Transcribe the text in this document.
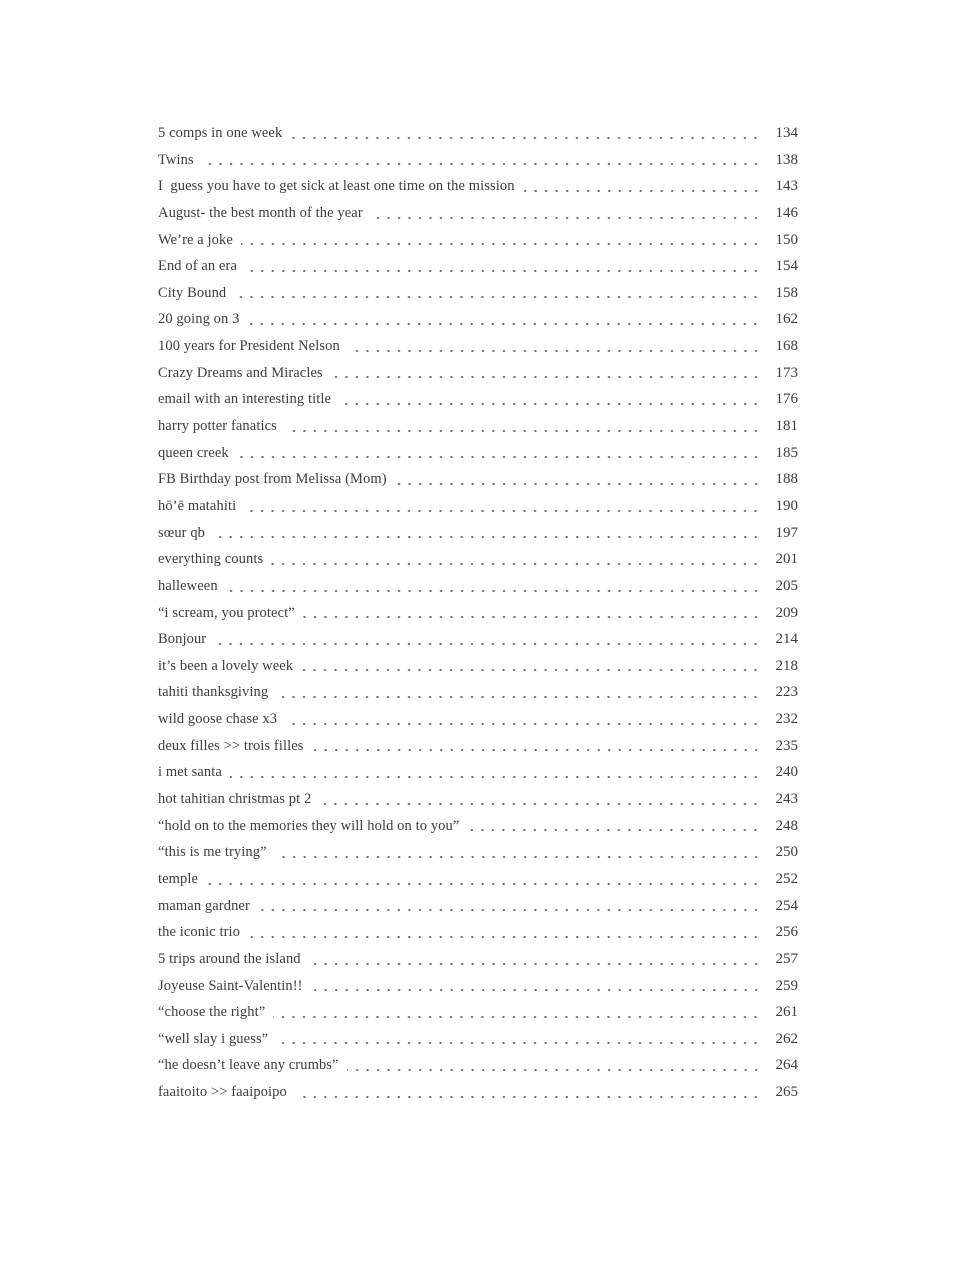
5 comps in one week	134
Twins	138
I  guess you have to get sick at least one time on the mission	143
August- the best month of the year	146
We’re a joke	150
End of an era	154
City Bound	158
20 going on 3	162
100 years for President Nelson	168
Crazy Dreams and Miracles	173
email with an interesting title	176
harry potter fanatics	181
queen creek	185
FB Birthday post from Melissa (Mom)	188
hō’ē matahiti	190
sœur qb	197
everything counts	201
halleween	205
“i scream, you protect”	209
Bonjour	214
it’s been a lovely week	218
tahiti thanksgiving	223
wild goose chase x3	232
deux filles >> trois filles	235
i met santa	240
hot tahitian christmas pt 2	243
“hold on to the memories they will hold on to you”	248
“this is me trying”	250
temple	252
maman gardner	254
the iconic trio	256
5 trips around the island	257
Joyeuse Saint-Valentin!!	259
“choose the right”	261
“well slay i guess”	262
“he doesn’t leave any crumbs”	264
faaitoito >> faaipoipo	265
